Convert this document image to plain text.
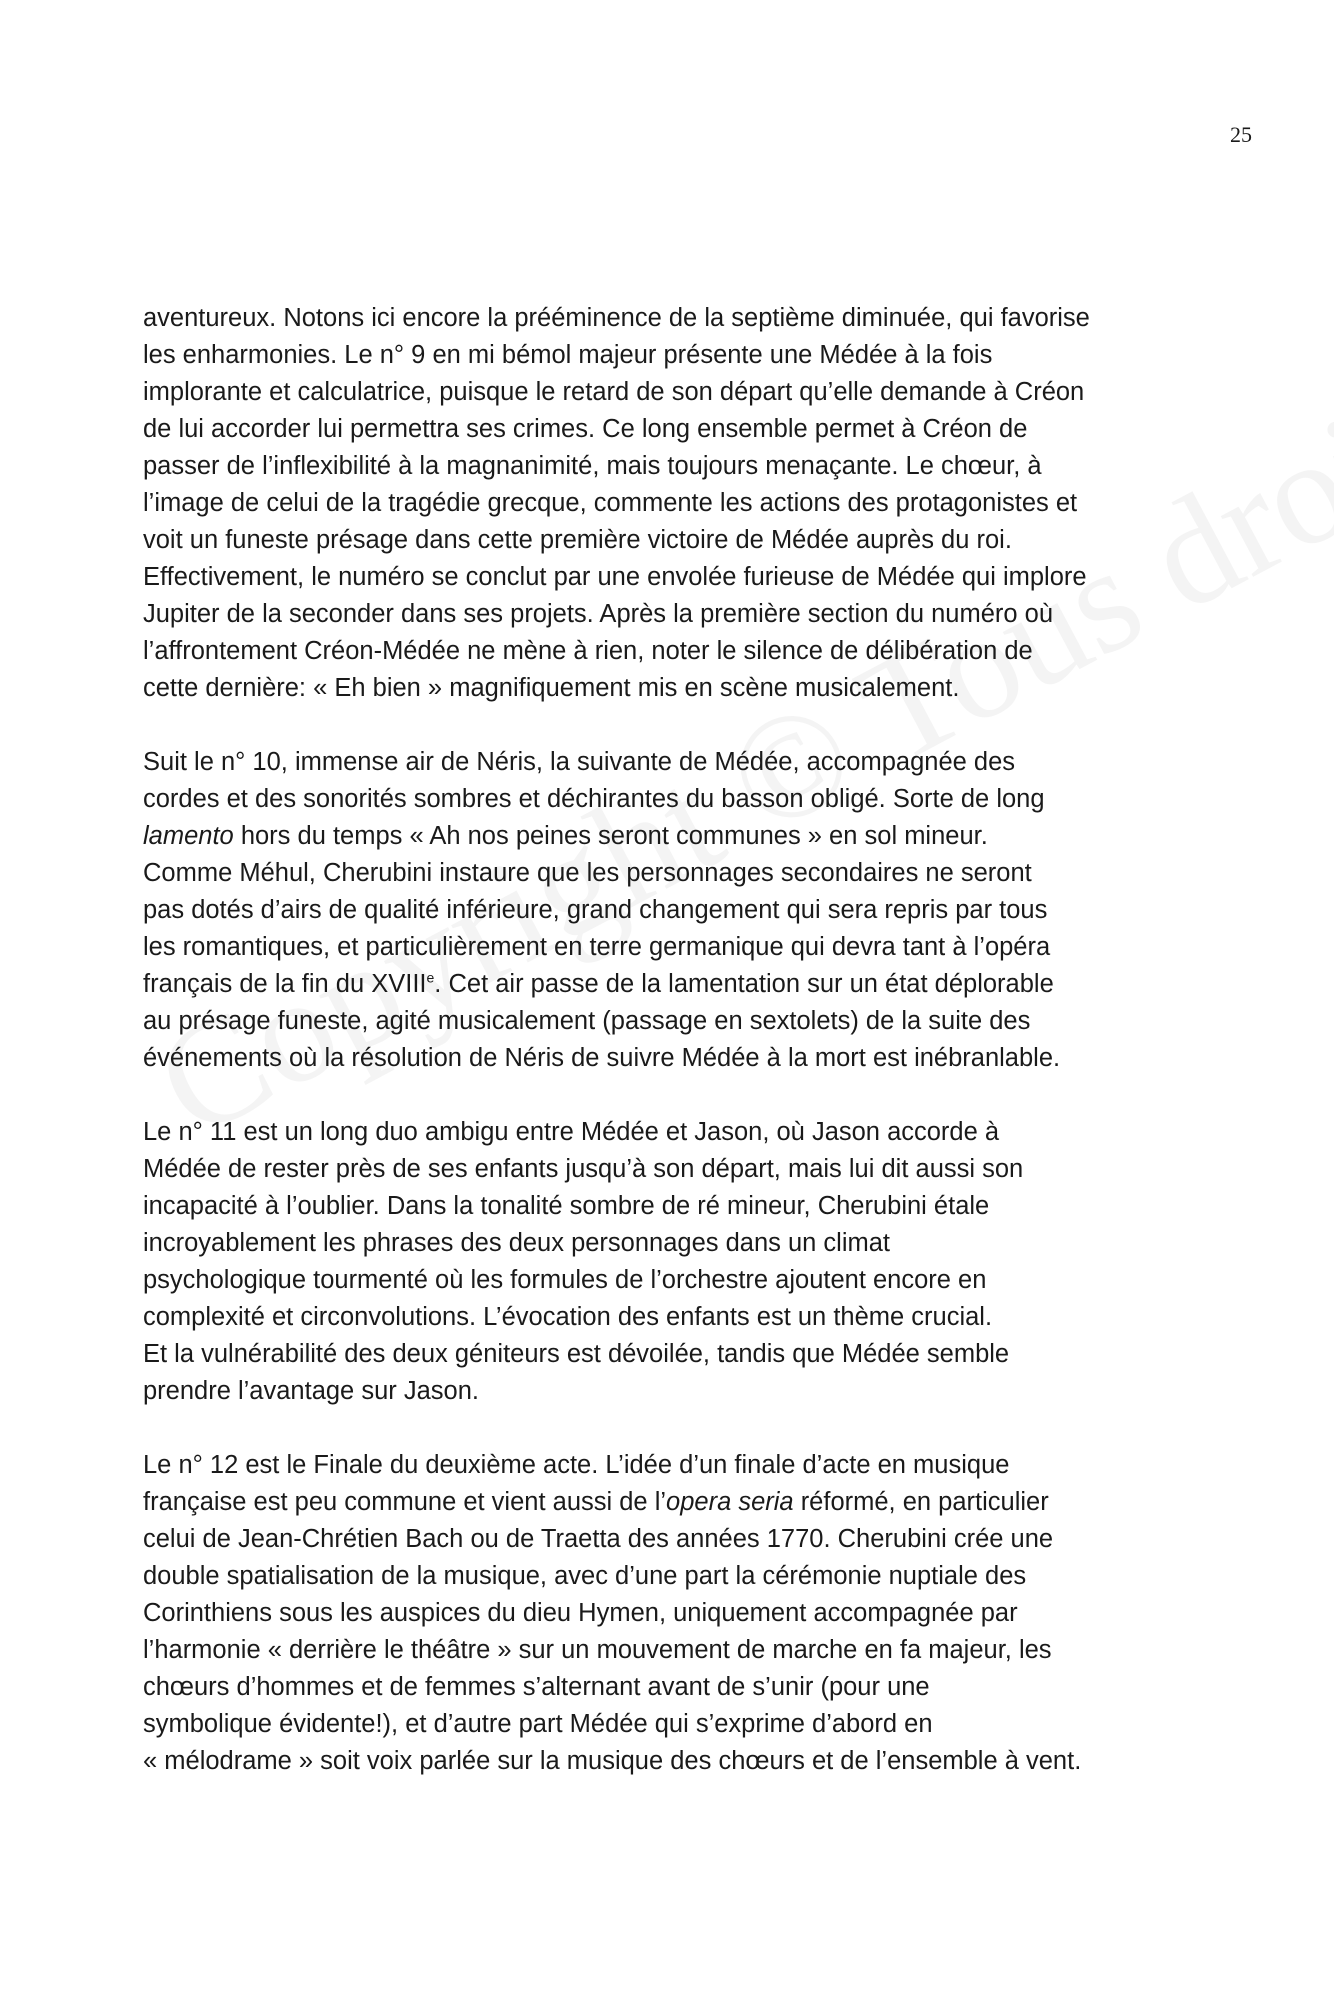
25

aventureux. Notons ici encore la prééminence de la septième diminuée, qui favorise
les enharmonies. Le n° 9 en mi bémol majeur présente une Médée à la fois
implorante et calculatrice, puisque le retard de son départ qu’elle demande à Créon
de lui accorder lui permettra ses crimes. Ce long ensemble permet à Créon de
passer de l’inflexibilité à la magnanimité, mais toujours menaçante. Le chœur, à
l’image de celui de la tragédie grecque, commente les actions des protagonistes et
voit un funeste présage dans cette première victoire de Médée auprès du roi.
Effectivement, le numéro se conclut par une envolée furieuse de Médée qui implore
Jupiter de la seconder dans ses projets. Après la première section du numéro où
l’affrontement Créon-Médée ne mène à rien, noter le silence de délibération de
cette dernière: « Eh bien » magnifiquement mis en scène musicalement.

Suit le n° 10, immense air de Néris, la suivante de Médée, accompagnée des
cordes et des sonorités sombres et déchirantes du basson obligé. Sorte de long
lamento hors du temps « Ah nos peines seront communes » en sol mineur.
Comme Méhul, Cherubini instaure que les personnages secondaires ne seront
pas dotés d’airs de qualité inférieure, grand changement qui sera repris par tous
les romantiques, et particulièrement en terre germanique qui devra tant à l’opéra
français de la fin du XVIIIe. Cet air passe de la lamentation sur un état déplorable
au présage funeste, agité musicalement (passage en sextolets) de la suite des
événements où la résolution de Néris de suivre Médée à la mort est inébranlable.

Le n° 11 est un long duo ambigu entre Médée et Jason, où Jason accorde à
Médée de rester près de ses enfants jusqu’à son départ, mais lui dit aussi son
incapacité à l’oublier. Dans la tonalité sombre de ré mineur, Cherubini étale
incroyablement les phrases des deux personnages dans un climat
psychologique tourmenté où les formules de l’orchestre ajoutent encore en
complexité et circonvolutions. L’évocation des enfants est un thème crucial.
Et la vulnérabilité des deux géniteurs est dévoilée, tandis que Médée semble
prendre l’avantage sur Jason.

Le n° 12 est le Finale du deuxième acte. L’idée d’un finale d’acte en musique
française est peu commune et vient aussi de l’opera seria réformé, en particulier
celui de Jean-Chrétien Bach ou de Traetta des années 1770. Cherubini crée une
double spatialisation de la musique, avec d’une part la cérémonie nuptiale des
Corinthiens sous les auspices du dieu Hymen, uniquement accompagnée par
l’harmonie « derrière le théâtre » sur un mouvement de marche en fa majeur, les
chœurs d’hommes et de femmes s’alternant avant de s’unir (pour une
symbolique évidente!), et d’autre part Médée qui s’exprime d’abord en
« mélodrame » soit voix parlée sur la musique des chœurs et de l’ensemble à vent.
